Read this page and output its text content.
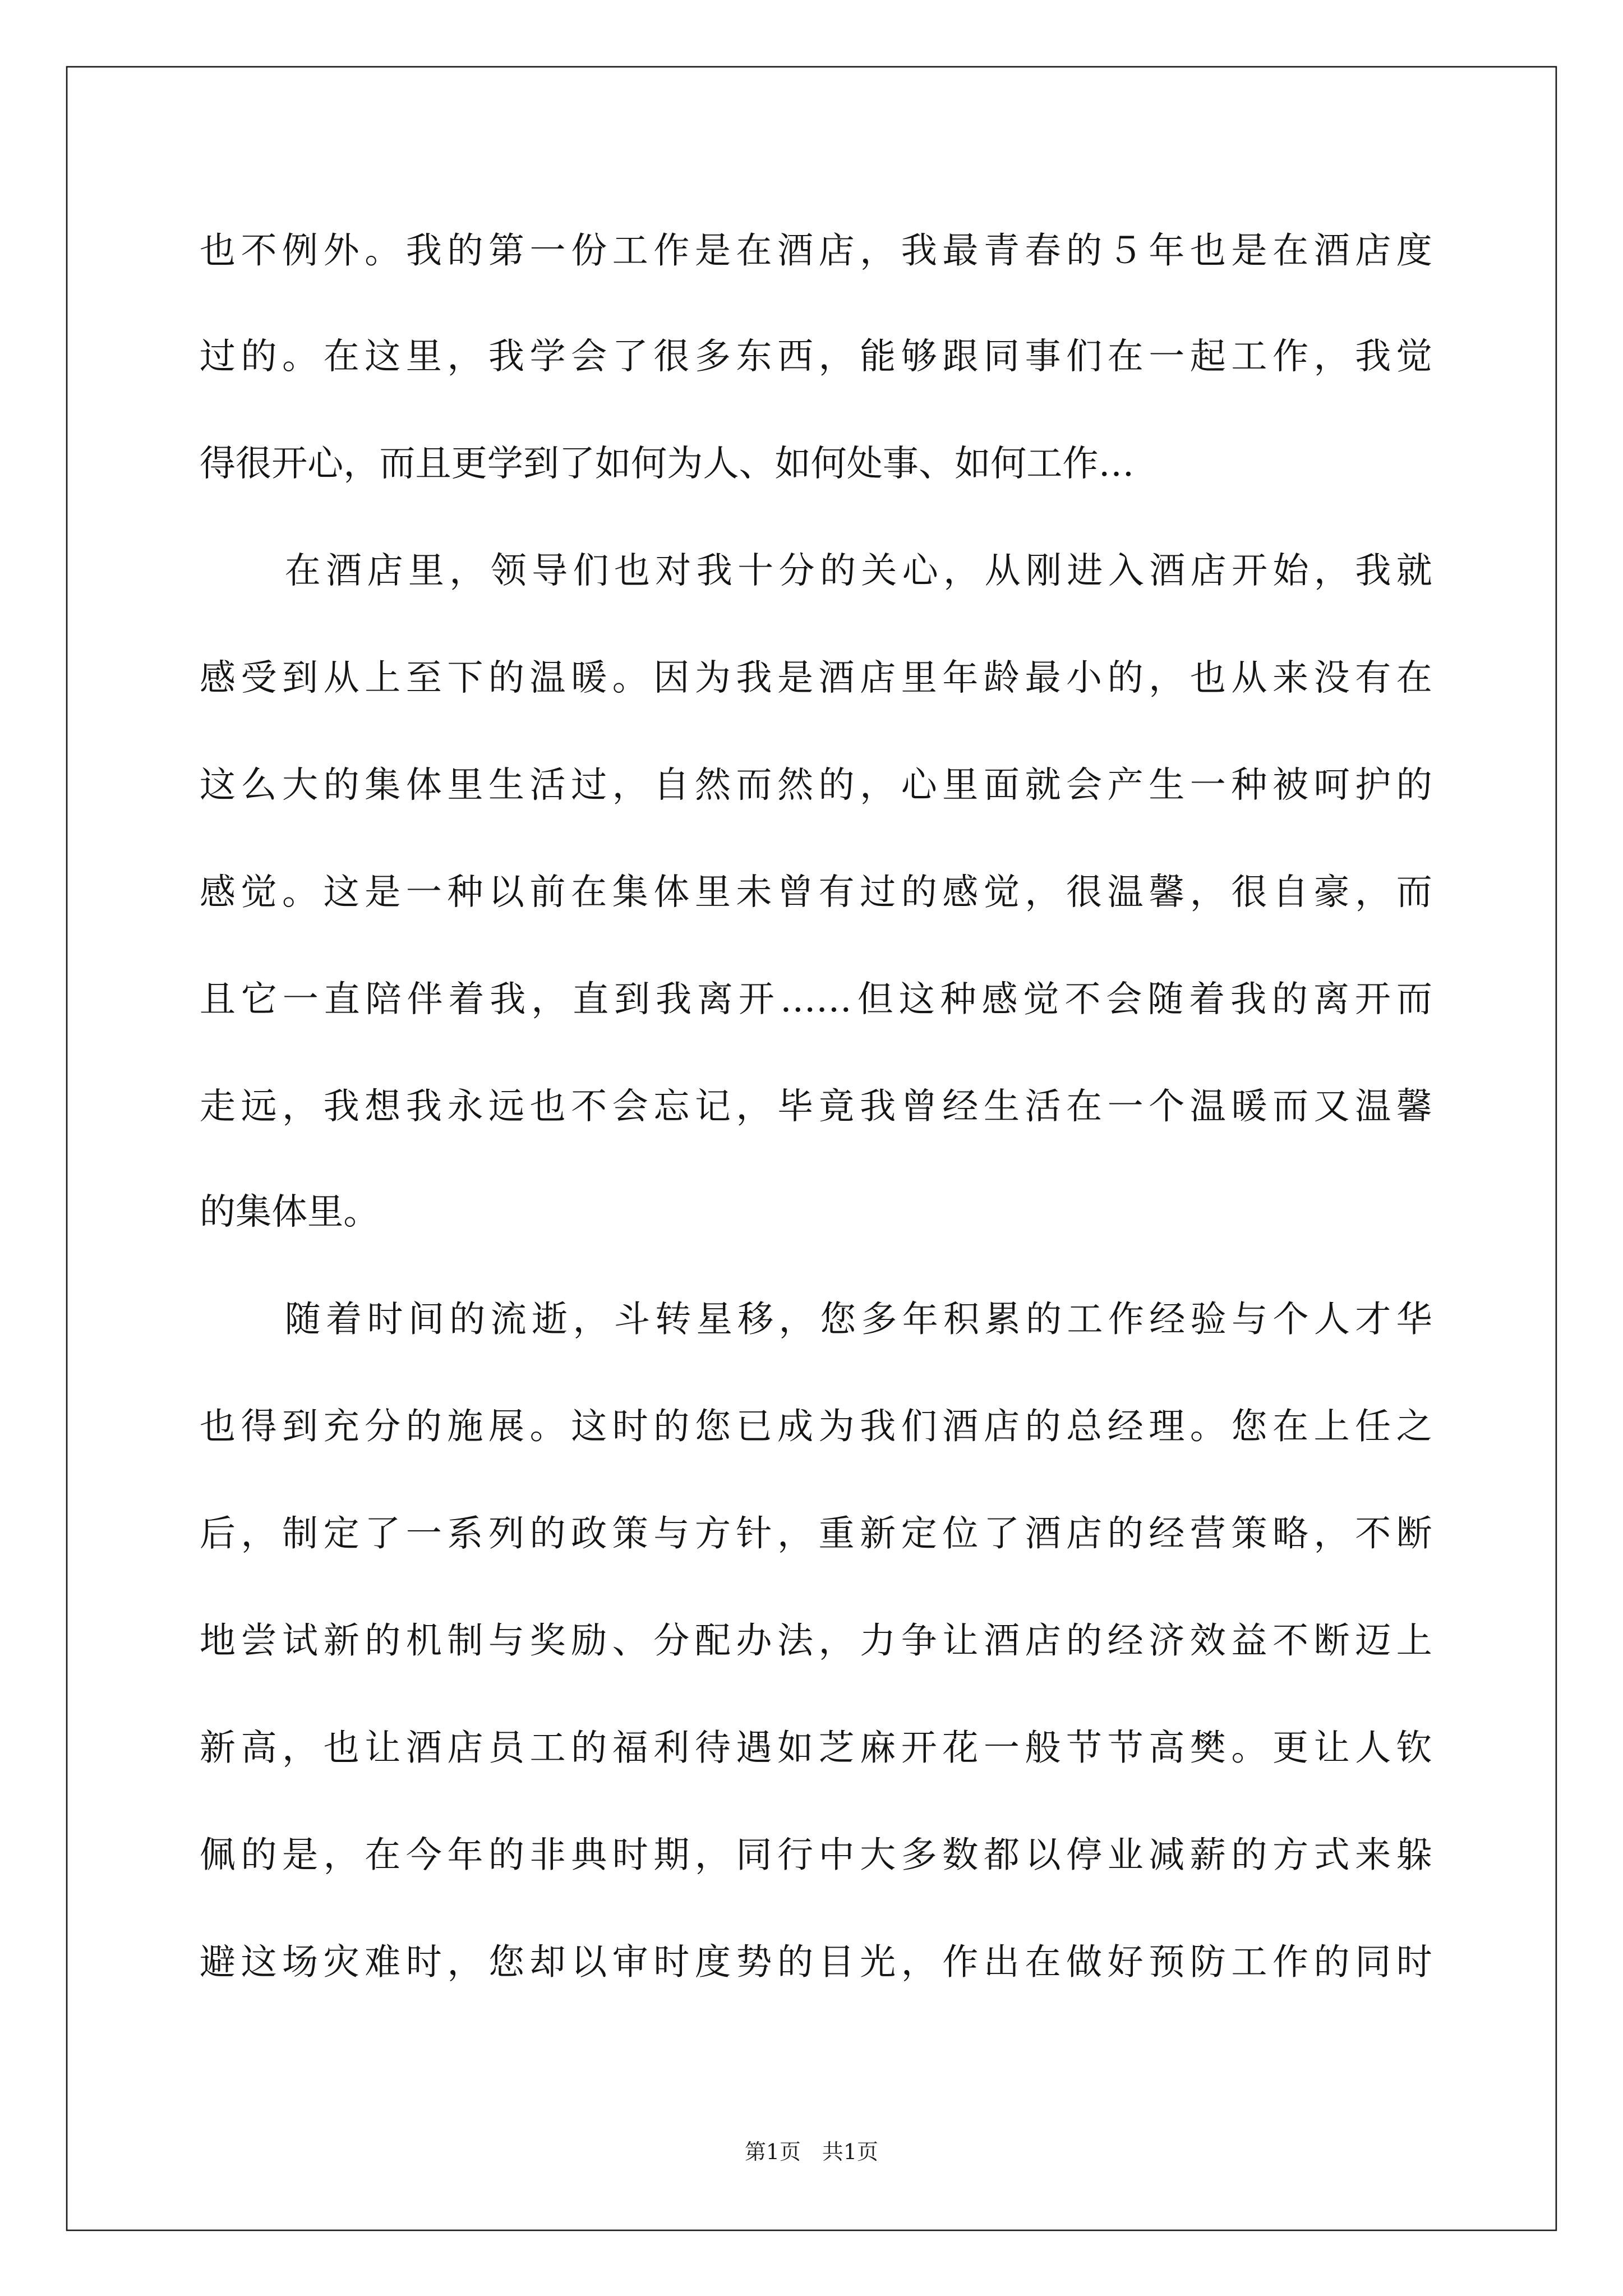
也不例外。我的第一份工作是在酒店，我最青春的５年也是在酒店度
过的。在这里，我学会了很多东西，能够跟同事们在一起工作，我觉
得很开心，而且更学到了如何为人、如何处事、如何工作…
在酒店里，领导们也对我十分的关心，从刚进入酒店开始，我就
感受到从上至下的温暖。因为我是酒店里年龄最小的，也从来没有在
这么大的集体里生活过，自然而然的，心里面就会产生一种被呵护的
感觉。这是一种以前在集体里未曾有过的感觉，很温馨，很自豪，而
且它一直陪伴着我，直到我离开……但这种感觉不会随着我的离开而
走远，我想我永远也不会忘记，毕竟我曾经生活在一个温暖而又温馨
的集体里。
随着时间的流逝，斗转星移，您多年积累的工作经验与个人才华
也得到充分的施展。这时的您已成为我们酒店的总经理。您在上任之
后，制定了一系列的政策与方针，重新定位了酒店的经营策略，不断
地尝试新的机制与奖励、分配办法，力争让酒店的经济效益不断迈上
新高，也让酒店员工的福利待遇如芝麻开花一般节节高樊。更让人钦
佩的是，在今年的非典时期，同行中大多数都以停业减薪的方式来躲
避这场灾难时，您却以审时度势的目光，作出在做好预防工作的同时
第1页　共1页
